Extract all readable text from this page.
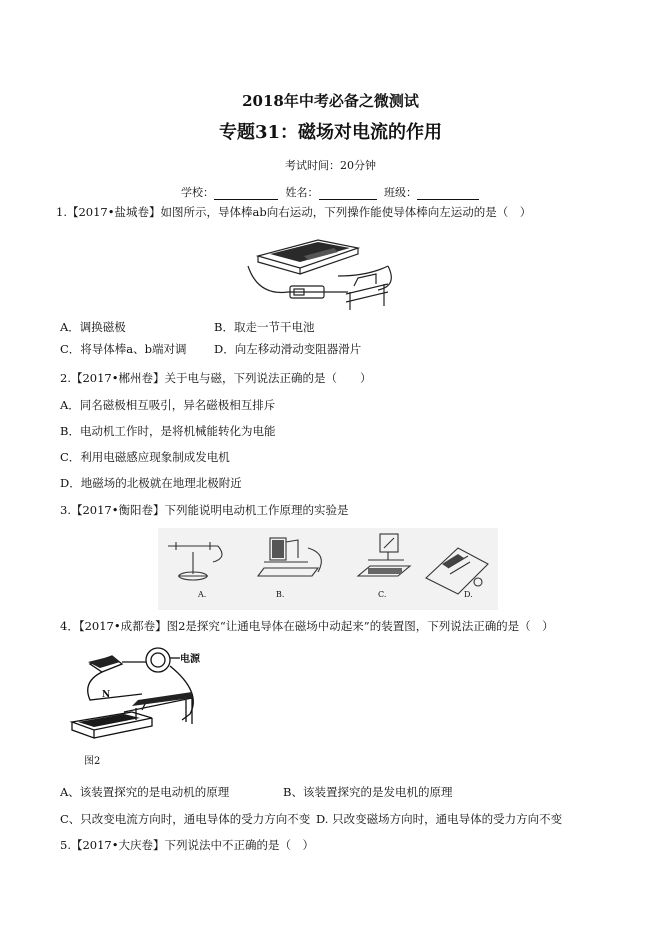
2018年中考必备之微测试
专题31：磁场对电流的作用
考试时间：20分钟
学校：	姓名：	班级：
1.【2017•盐城卷】如图所示，导体棒ab向右运动，下列操作能使导体棒向左运动的是（　）
A．调换磁极	B．取走一节干电池
C．将导体棒a、b端对调 D．向左移动滑动变阻器滑片
2.【2017•郴州卷】关于电与磁，下列说法正确的是（　　）
A．同名磁极相互吸引，异名磁极相互排斥
B．电动机工作时，是将机械能转化为电能
C．利用电磁感应现象制成发电机
D．地磁场的北极就在地理北极附近
3.【2017•衡阳卷】下列能说明电动机工作原理的实验是
A.	B.	C.	D.
4．【2017•成都卷】图2是探究“让通电导体在磁场中动起来”的装置图，下列说法正确的是（　）
电源
N
图2
A、该装置探究的是电动机的原理	B、该装置探究的是发电机的原理
C、只改变电流方向时，通电导体的受力方向不变 D. 只改变磁场方向时，通电导体的受力方向不变
5.【2017•大庆卷】下列说法中不正确的是（　）
